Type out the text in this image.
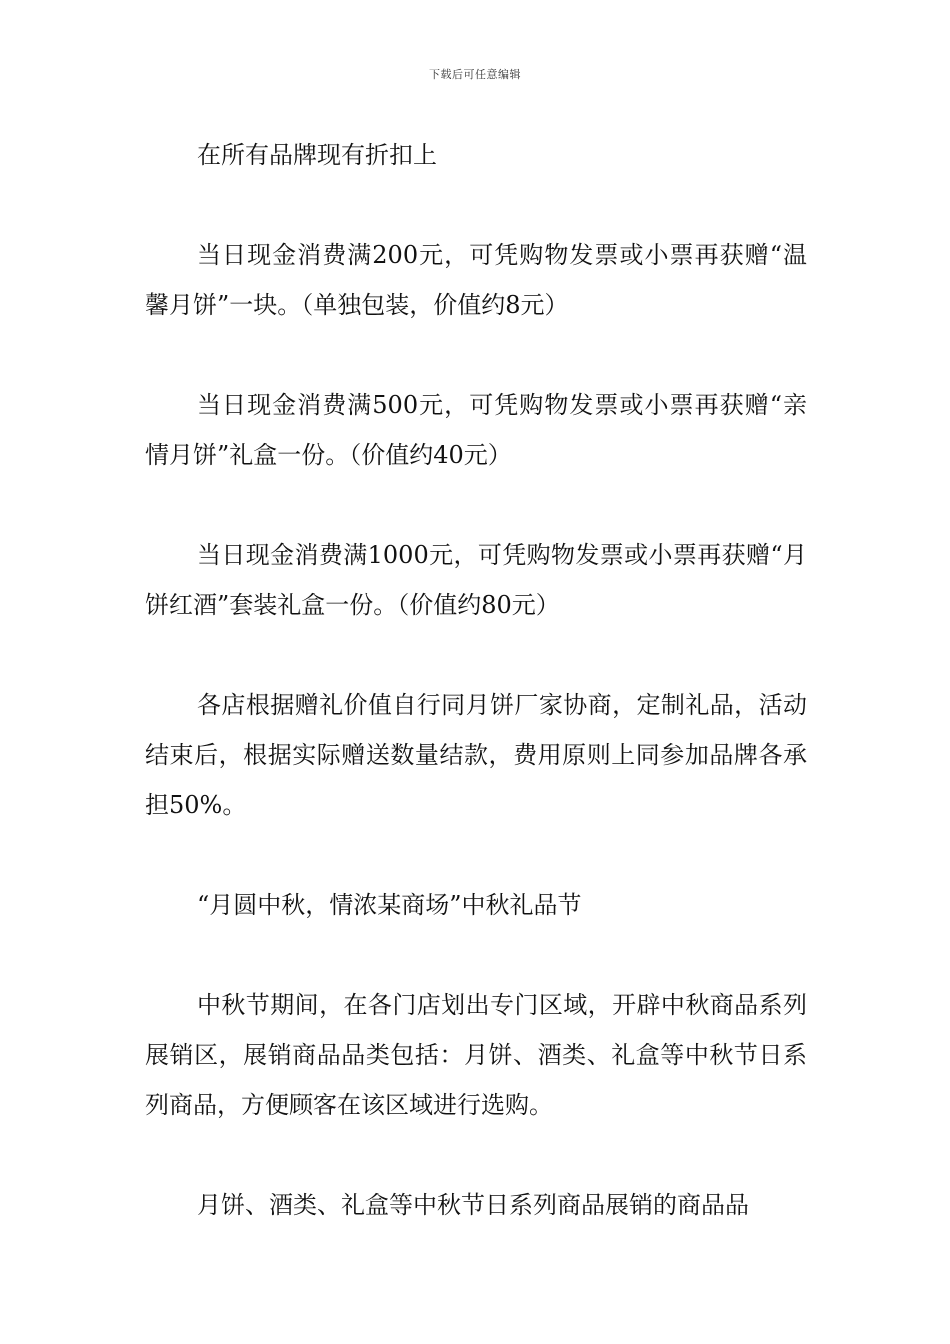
下载后可任意编辑

在所有品牌现有折扣上

当日现金消费满200元，可凭购物发票或小票再获赠“温馨月饼”一块。（单独包装，价值约8元）

当日现金消费满500元，可凭购物发票或小票再获赠“亲情月饼”礼盒一份。（价值约40元）

当日现金消费满1000元，可凭购物发票或小票再获赠“月饼红酒”套装礼盒一份。（价值约80元）

各店根据赠礼价值自行同月饼厂家协商，定制礼品，活动结束后，根据实际赠送数量结款，费用原则上同参加品牌各承担50%。

“月圆中秋，情浓某商场”中秋礼品节

中秋节期间，在各门店划出专门区域，开辟中秋商品系列展销区，展销商品品类包括：月饼、酒类、礼盒等中秋节日系列商品，方便顾客在该区域进行选购。

月饼、酒类、礼盒等中秋节日系列商品展销的商品品
